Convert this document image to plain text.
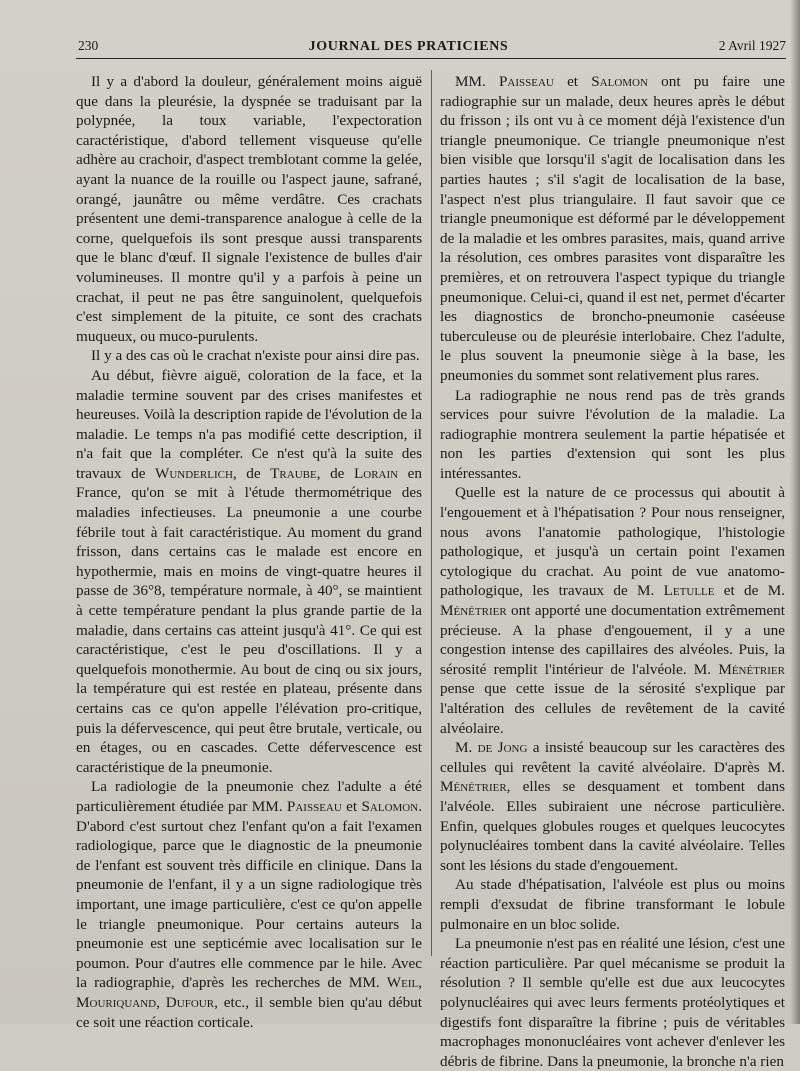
230	JOURNAL DES PRATICIENS	2 Avril 1927

Il y a d'abord la douleur, généralement moins aiguë que dans la pleurésie, la dyspnée se traduisant par la polypnée, la toux variable, l'expectoration caractéristique, d'abord tellement visqueuse qu'elle adhère au crachoir, d'aspect tremblotant comme la gelée, ayant la nuance de la rouille ou l'aspect jaune, safrané, orangé, jaunâtre ou même verdâtre. Ces crachats présentent une demi-transparence analogue à celle de la corne, quelquefois ils sont presque aussi transparents que le blanc d'œuf. Il signale l'existence de bulles d'air volumineuses. Il montre qu'il y a parfois à peine un crachat, il peut ne pas être sanguinolent, quelquefois c'est simplement de la pituite, ce sont des crachats muqueux, ou muco-purulents.

Il y a des cas où le crachat n'existe pour ainsi dire pas.

Au début, fièvre aiguë, coloration de la face, et la maladie termine souvent par des crises manifestes et heureuses. Voilà la description rapide de l'évolution de la maladie. Le temps n'a pas modifié cette description, il n'a fait que la compléter. Ce n'est qu'à la suite des travaux de Wunderlich, de Traube, de Lorain en France, qu'on se mit à l'étude thermométrique des maladies infectieuses. La pneumonie a une courbe fébrile tout à fait caractéristique. Au moment du grand frisson, dans certains cas le malade est encore en hypothermie, mais en moins de vingt-quatre heures il passe de 36°8, température normale, à 40°, se maintient à cette température pendant la plus grande partie de la maladie, dans certains cas atteint jusqu'à 41°. Ce qui est caractéristique, c'est le peu d'oscillations. Il y a quelquefois monothermie. Au bout de cinq ou six jours, la température qui est restée en plateau, présente dans certains cas ce qu'on appelle l'élévation pro-critique, puis la défervescence, qui peut être brutale, verticale, ou en étages, ou en cascades. Cette défervescence est caractéristique de la pneumonie.

La radiologie de la pneumonie chez l'adulte a été particulièrement étudiée par MM. Paisseau et Salomon. D'abord c'est surtout chez l'enfant qu'on a fait l'examen radiologique, parce que le diagnostic de la pneumonie de l'enfant est souvent très difficile en clinique. Dans la pneumonie de l'enfant, il y a un signe radiologique très important, une image particulière, c'est ce qu'on appelle le triangle pneumonique. Pour certains auteurs la pneumonie est une septicémie avec localisation sur le poumon. Pour d'autres elle commence par le hile. Avec la radiographie, d'après les recherches de MM. Weil, Mouriquand, Dufour, etc., il semble bien qu'au début ce soit une réaction corticale.

MM. Paisseau et Salomon ont pu faire une radiographie sur un malade, deux heures après le début du frisson ; ils ont vu à ce moment déjà l'existence d'un triangle pneumonique. Ce triangle pneumonique n'est bien visible que lorsqu'il s'agit de localisation dans les parties hautes ; s'il s'agit de localisation de la base, l'aspect n'est plus triangulaire. Il faut savoir que ce triangle pneumonique est déformé par le développement de la maladie et les ombres parasites, mais, quand arrive la résolution, ces ombres parasites vont disparaître les premières, et on retrouvera l'aspect typique du triangle pneumonique. Celui-ci, quand il est net, permet d'écarter les diagnostics de broncho-pneumonie caséeuse tuberculeuse ou de pleurésie interlobaire. Chez l'adulte, le plus souvent la pneumonie siège à la base, les pneumonies du sommet sont relativement plus rares.

La radiographie ne nous rend pas de très grands services pour suivre l'évolution de la maladie. La radiographie montrera seulement la partie hépatisée et non les parties d'extension qui sont les plus intéressantes.

Quelle est la nature de ce processus qui aboutit à l'engouement et à l'hépatisation ? Pour nous renseigner, nous avons l'anatomie pathologique, l'histologie pathologique, et jusqu'à un certain point l'examen cytologique du crachat. Au point de vue anatomo-pathologique, les travaux de M. Letulle et de M. Ménétrier ont apporté une documentation extrêmement précieuse. A la phase d'engouement, il y a une congestion intense des capillaires des alvéoles. Puis, la sérosité remplit l'intérieur de l'alvéole. M. Ménétrier pense que cette issue de la sérosité s'explique par l'altération des cellules de revêtement de la cavité alvéolaire.

M. de Jong a insisté beaucoup sur les caractères des cellules qui revêtent la cavité alvéolaire. D'après M. Ménétrier, elles se desquament et tombent dans l'alvéole. Elles subiraient une nécrose particulière. Enfin, quelques globules rouges et quelques leucocytes polynucléaires tombent dans la cavité alvéolaire. Telles sont les lésions du stade d'engouement.

Au stade d'hépatisation, l'alvéole est plus ou moins rempli d'exsudat de fibrine transformant le lobule pulmonaire en un bloc solide.

La pneumonie n'est pas en réalité une lésion, c'est une réaction particulière. Par quel mécanisme se produit la résolution ? Il semble qu'elle est due aux leucocytes polynucléaires qui avec leurs ferments protéolytiques et digestifs font disparaître la fibrine ; puis de véritables macrophages mononucléaires vont achever d'enlever les débris de fibrine. Dans la pneumonie, la bronche n'a rien
